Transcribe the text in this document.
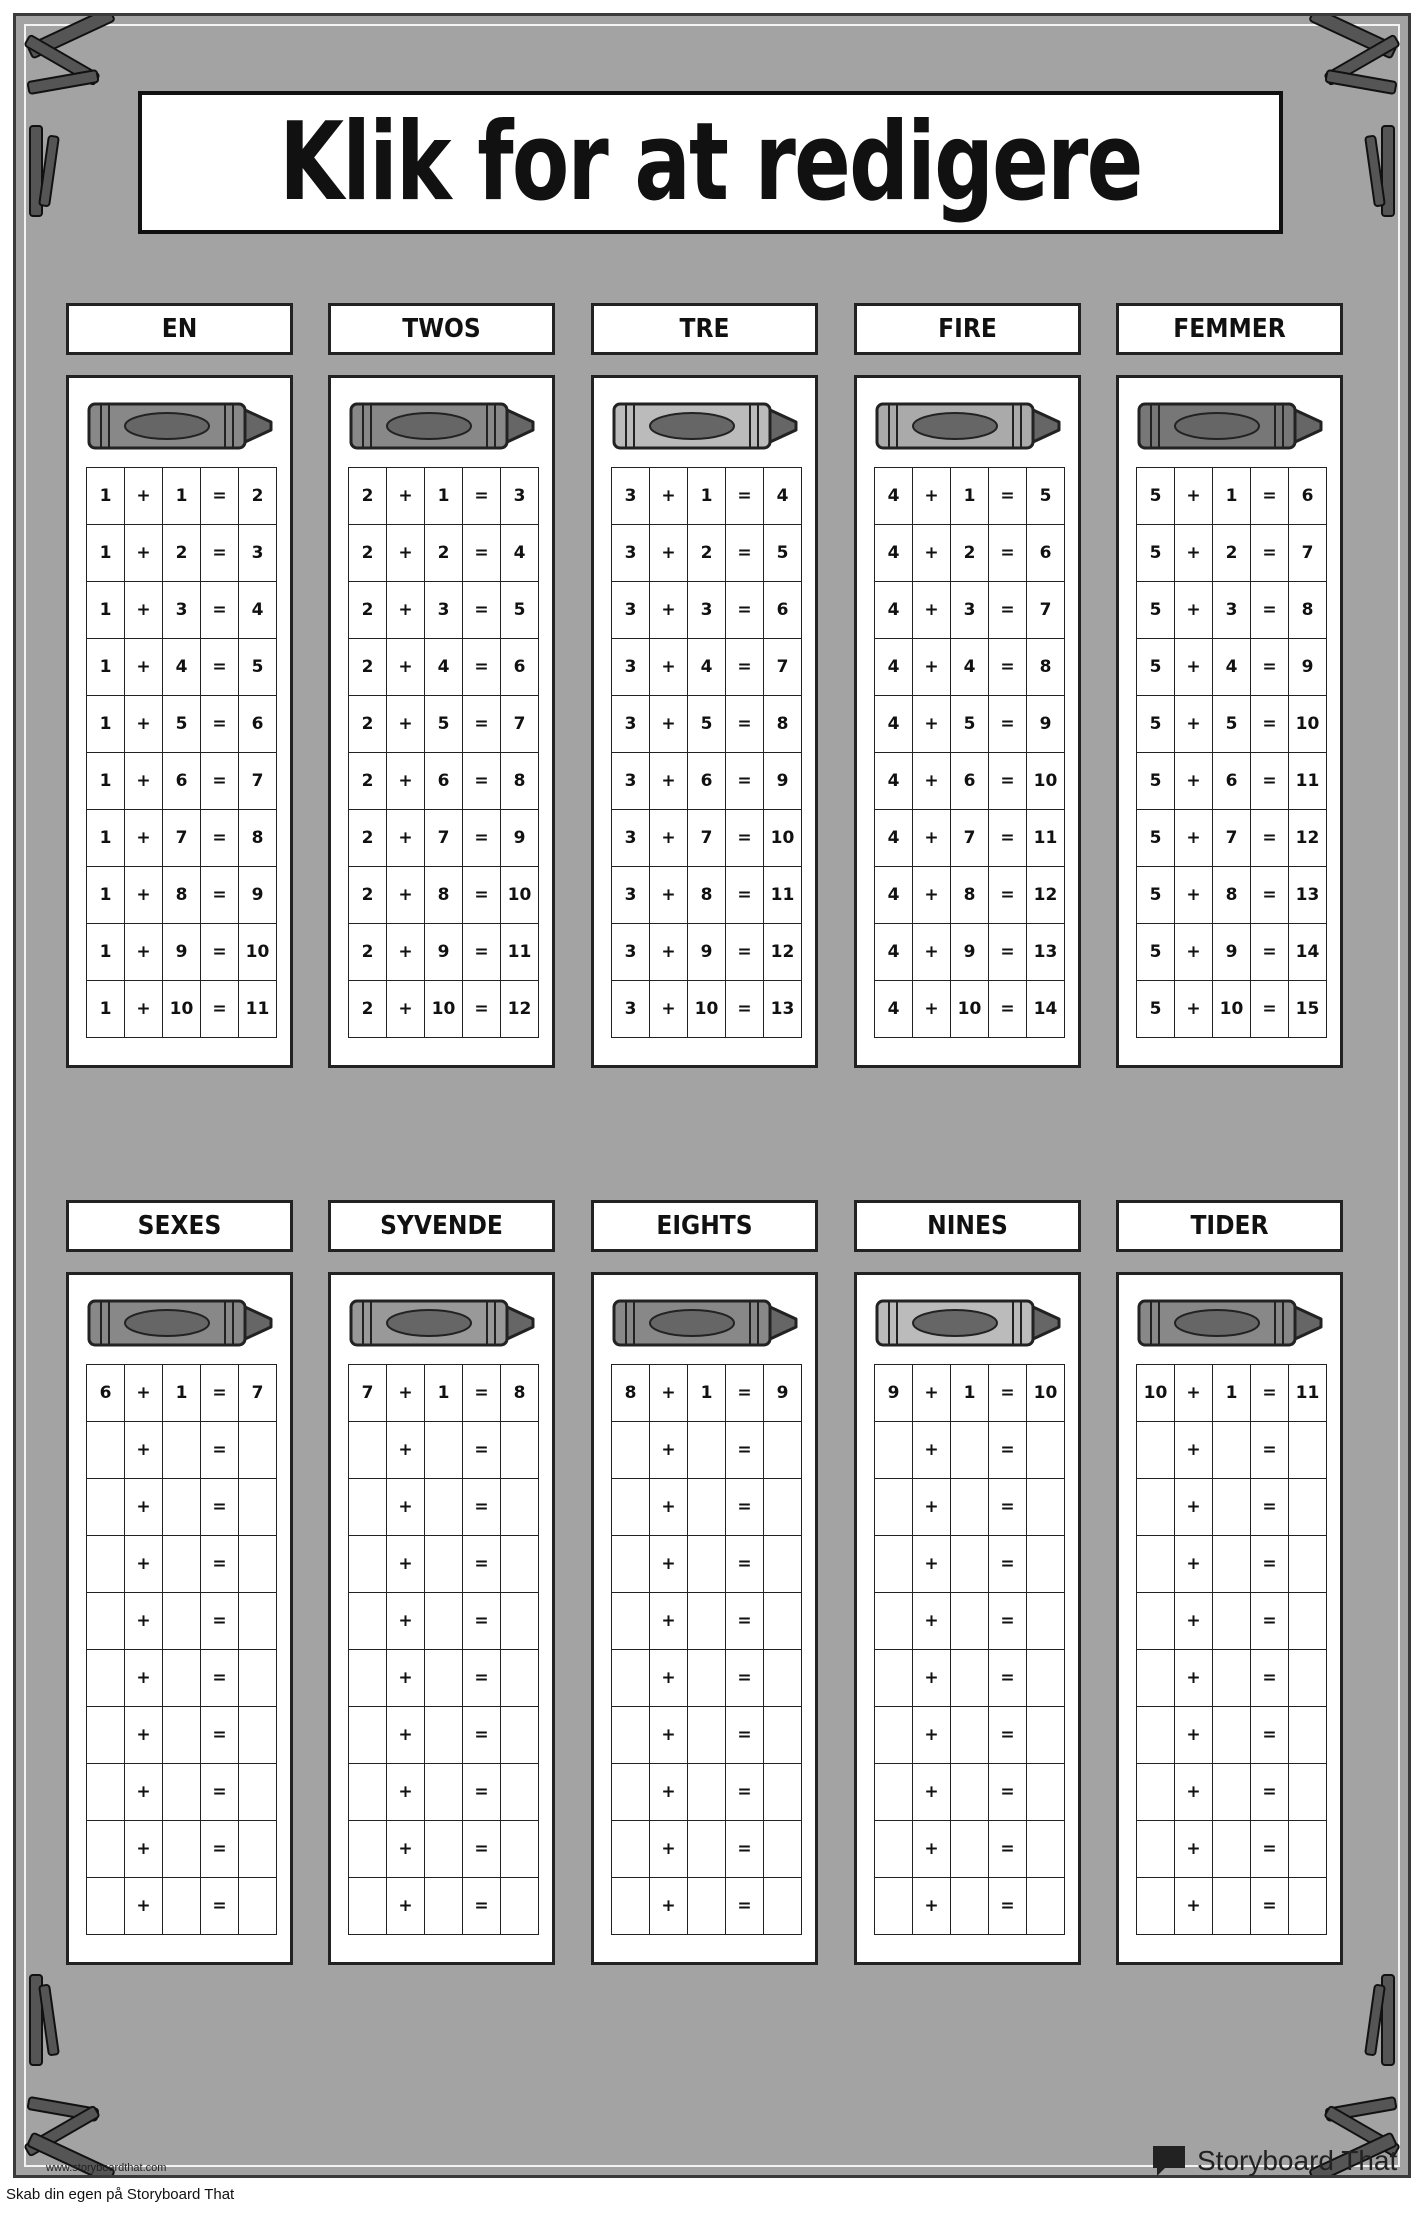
Klik for at redigere
EN
1	+	1	=	2
1	+	2	=	3
1	+	3	=	4
1	+	4	=	5
1	+	5	=	6
1	+	6	=	7
1	+	7	=	8
1	+	8	=	9
1	+	9	=	10
1	+	10	=	11
TWOS
2	+	1	=	3
2	+	2	=	4
2	+	3	=	5
2	+	4	=	6
2	+	5	=	7
2	+	6	=	8
2	+	7	=	9
2	+	8	=	10
2	+	9	=	11
2	+	10	=	12
TRE
3	+	1	=	4
3	+	2	=	5
3	+	3	=	6
3	+	4	=	7
3	+	5	=	8
3	+	6	=	9
3	+	7	=	10
3	+	8	=	11
3	+	9	=	12
3	+	10	=	13
FIRE
4	+	1	=	5
4	+	2	=	6
4	+	3	=	7
4	+	4	=	8
4	+	5	=	9
4	+	6	=	10
4	+	7	=	11
4	+	8	=	12
4	+	9	=	13
4	+	10	=	14
FEMMER
5	+	1	=	6
5	+	2	=	7
5	+	3	=	8
5	+	4	=	9
5	+	5	=	10
5	+	6	=	11
5	+	7	=	12
5	+	8	=	13
5	+	9	=	14
5	+	10	=	15
SEXES
6	+	1	=	7
	+		=	
	+		=	
	+		=	
	+		=	
	+		=	
	+		=	
	+		=	
	+		=	
	+		=	
SYVENDE
7	+	1	=	8
	+		=	
	+		=	
	+		=	
	+		=	
	+		=	
	+		=	
	+		=	
	+		=	
	+		=	
EIGHTS
8	+	1	=	9
	+		=	
	+		=	
	+		=	
	+		=	
	+		=	
	+		=	
	+		=	
	+		=	
	+		=	
NINES
9	+	1	=	10
	+		=	
	+		=	
	+		=	
	+		=	
	+		=	
	+		=	
	+		=	
	+		=	
	+		=	
TIDER
10	+	1	=	11
	+		=	
	+		=	
	+		=	
	+		=	
	+		=	
	+		=	
	+		=	
	+		=	
	+		=	
www.storyboardthat.com	Storyboard That
Skab din egen på Storyboard That
